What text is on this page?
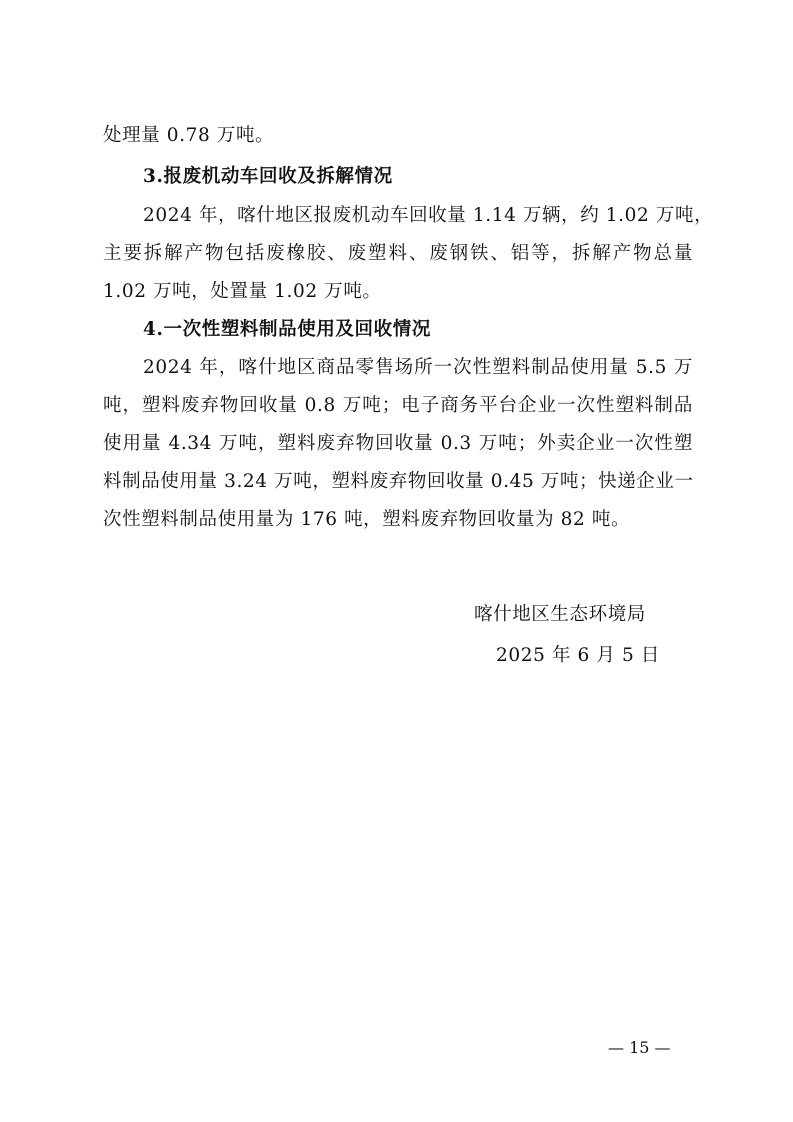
处理量 0.78 万吨。
3.报废机动车回收及拆解情况
2024 年，喀什地区报废机动车回收量 1.14 万辆，约 1.02 万吨，
主要拆解产物包括废橡胶、废塑料、废钢铁、铝等，拆解产物总量
1.02 万吨，处置量 1.02 万吨。
4.一次性塑料制品使用及回收情况
2024 年，喀什地区商品零售场所一次性塑料制品使用量 5.5 万
吨，塑料废弃物回收量 0.8 万吨；电子商务平台企业一次性塑料制品
使用量 4.34 万吨，塑料废弃物回收量 0.3 万吨；外卖企业一次性塑
料制品使用量 3.24 万吨，塑料废弃物回收量 0.45 万吨；快递企业一
次性塑料制品使用量为 176 吨，塑料废弃物回收量为 82 吨。
喀什地区生态环境局
2025 年 6 月 5 日
— 15 —
